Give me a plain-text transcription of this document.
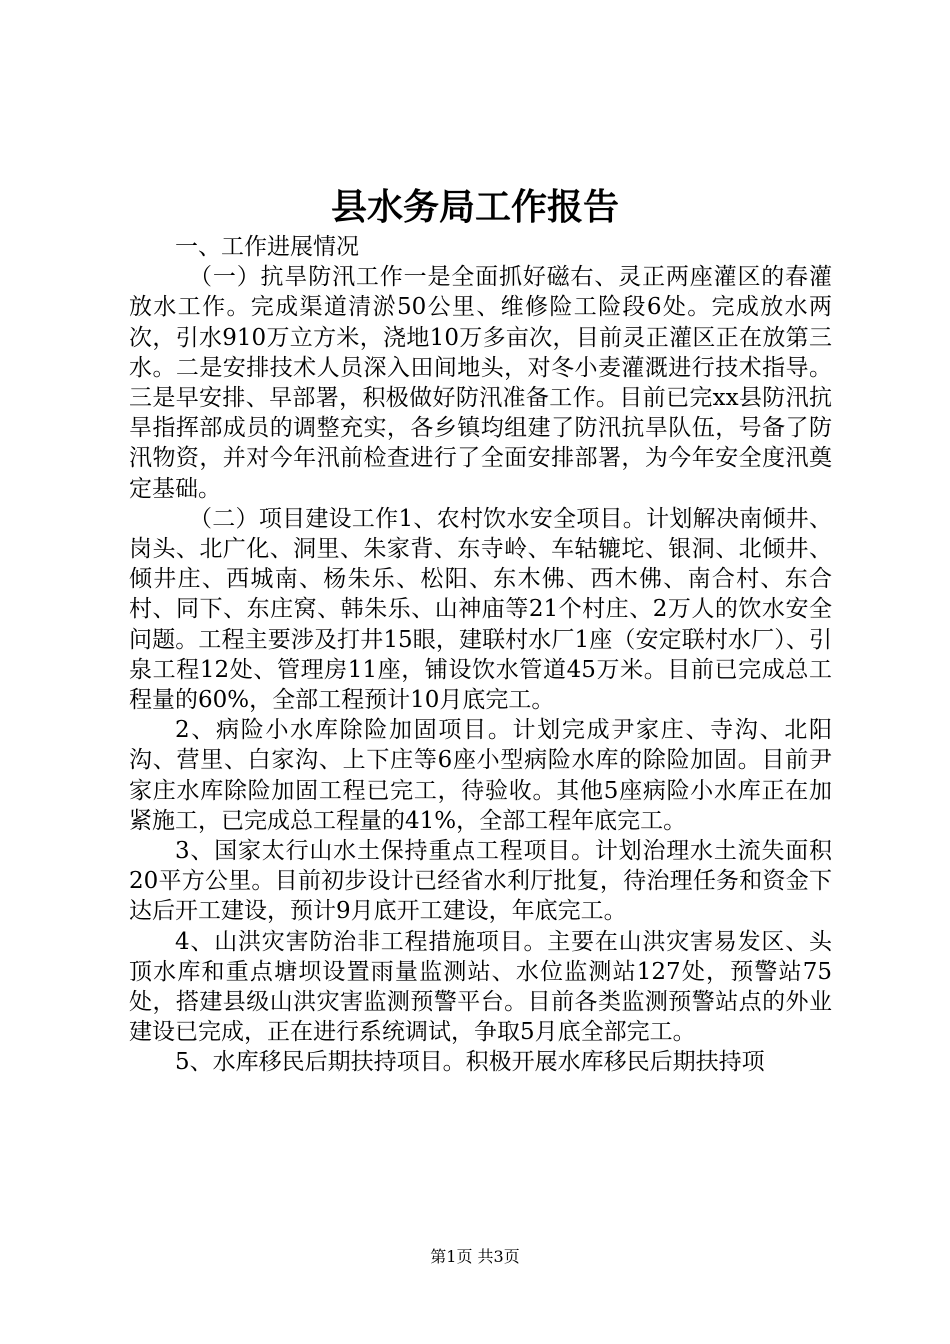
县水务局工作报告

一、工作进展情况

（一）抗旱防汛工作一是全面抓好磁右、灵正两座灌区的春灌放水工作。完成渠道清淤50公里、维修险工险段6处。完成放水两次，引水910万立方米，浇地10万多亩次，目前灵正灌区正在放第三水。二是安排技术人员深入田间地头，对冬小麦灌溉进行技术指导。三是早安排、早部署，积极做好防汛准备工作。目前已完xx县防汛抗旱指挥部成员的调整充实，各乡镇均组建了防汛抗旱队伍，号备了防汛物资，并对今年汛前检查进行了全面安排部署，为今年安全度汛奠定基础。

（二）项目建设工作1、农村饮水安全项目。计划解决南倾井、岗头、北广化、洞里、朱家背、东寺岭、车轱辘坨、银洞、北倾井、倾井庄、西城南、杨朱乐、松阳、东木佛、西木佛、南合村、东合村、同下、东庄窝、韩朱乐、山神庙等21个村庄、2万人的饮水安全问题。工程主要涉及打井15眼，建联村水厂1座（安定联村水厂）、引泉工程12处、管理房11座，铺设饮水管道45万米。目前已完成总工程量的60%，全部工程预计10月底完工。

2、病险小水库除险加固项目。计划完成尹家庄、寺沟、北阳沟、营里、白家沟、上下庄等6座小型病险水库的除险加固。目前尹家庄水库除险加固工程已完工，待验收。其他5座病险小水库正在加紧施工，已完成总工程量的41%，全部工程年底完工。

3、国家太行山水土保持重点工程项目。计划治理水土流失面积20平方公里。目前初步设计已经省水利厅批复，待治理任务和资金下达后开工建设，预计9月底开工建设，年底完工。

4、山洪灾害防治非工程措施项目。主要在山洪灾害易发区、头顶水库和重点塘坝设置雨量监测站、水位监测站127处，预警站75处，搭建县级山洪灾害监测预警平台。目前各类监测预警站点的外业建设已完成，正在进行系统调试，争取5月底全部完工。

5、水库移民后期扶持项目。积极开展水库移民后期扶持项

第1页 共3页
